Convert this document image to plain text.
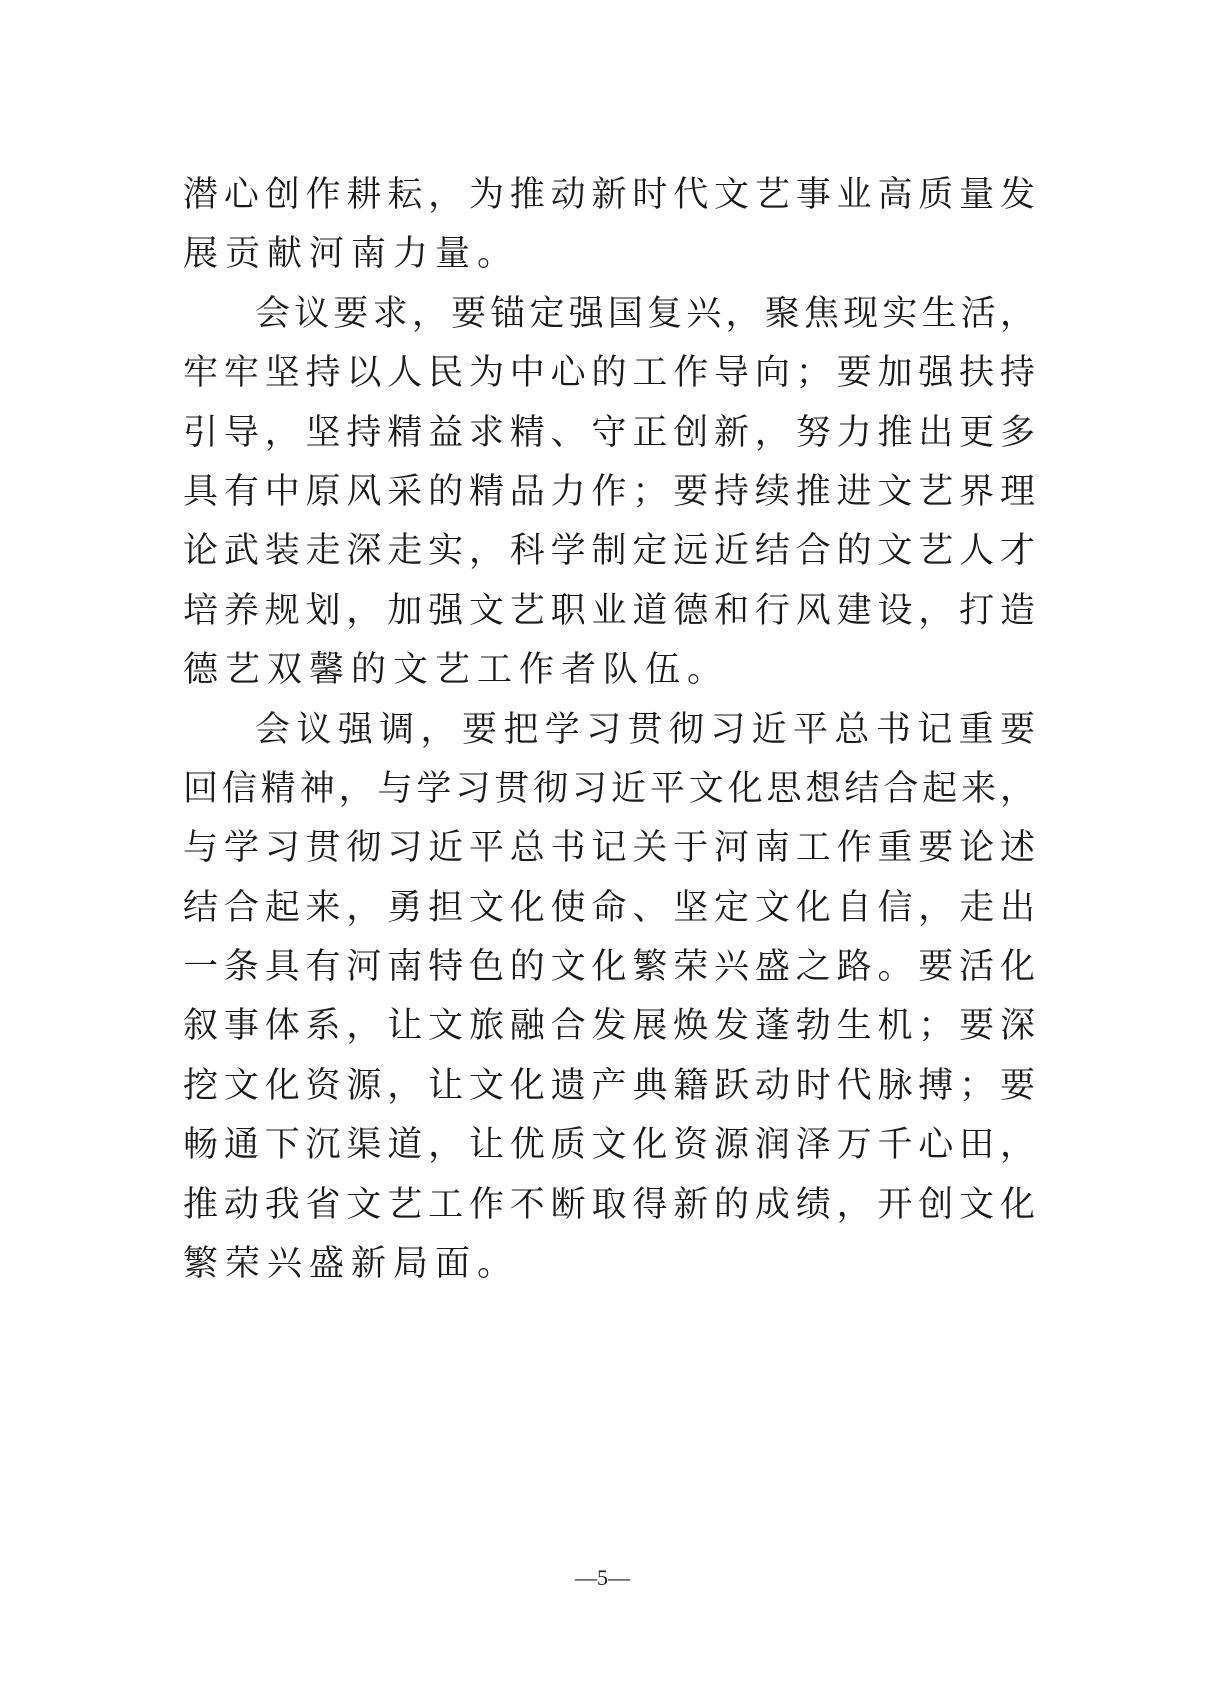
潜心创作耕耘，为推动新时代文艺事业高质量发
展贡献河南力量。
会议要求，要锚定强国复兴，聚焦现实生活，
牢牢坚持以人民为中心的工作导向；要加强扶持
引导，坚持精益求精、守正创新，努力推出更多
具有中原风采的精品力作；要持续推进文艺界理
论武装走深走实，科学制定远近结合的文艺人才
培养规划，加强文艺职业道德和行风建设，打造
德艺双馨的文艺工作者队伍。
会议强调，要把学习贯彻习近平总书记重要
回信精神，与学习贯彻习近平文化思想结合起来，
与学习贯彻习近平总书记关于河南工作重要论述
结合起来，勇担文化使命、坚定文化自信，走出
一条具有河南特色的文化繁荣兴盛之路。要活化
叙事体系，让文旅融合发展焕发蓬勃生机；要深
挖文化资源，让文化遗产典籍跃动时代脉搏；要
畅通下沉渠道，让优质文化资源润泽万千心田，
推动我省文艺工作不断取得新的成绩，开创文化
繁荣兴盛新局面。
—5—
